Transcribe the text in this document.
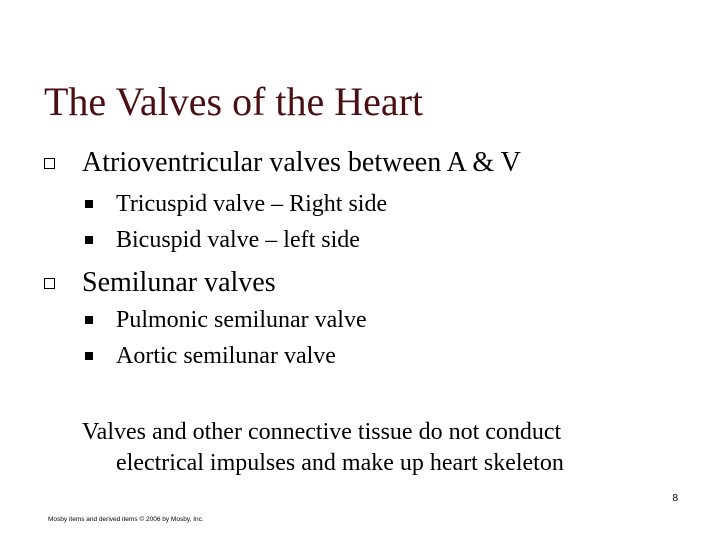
The Valves of the Heart
Atrioventricular valves between A & V
Tricuspid valve – Right side
Bicuspid valve – left side
Semilunar valves
Pulmonic semilunar valve
Aortic semilunar valve
Valves and other connective tissue do not conduct
electrical impulses and make up heart skeleton
8
Mosby items and derived items © 2006 by Mosby, Inc.
